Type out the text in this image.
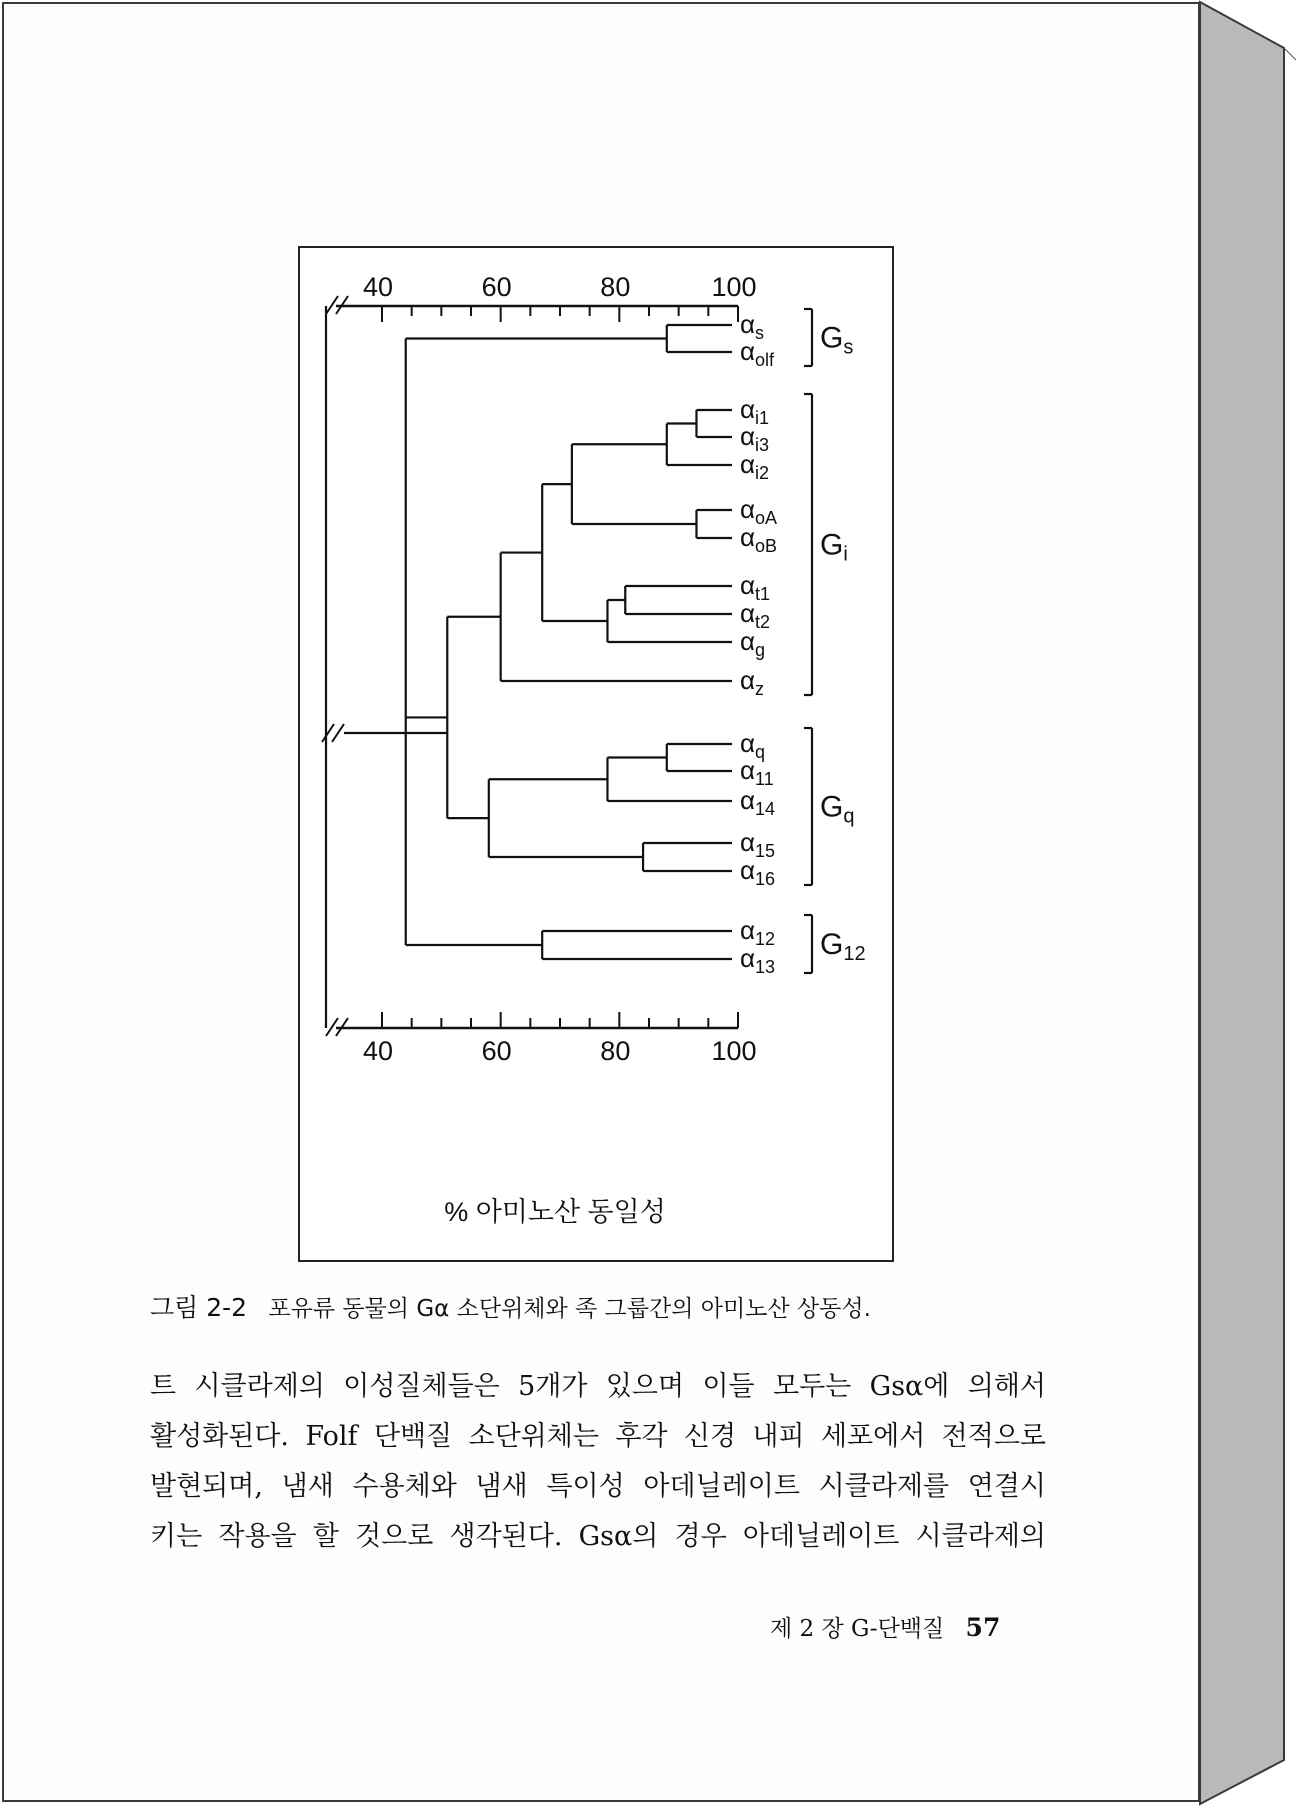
40	60	80	100
40	60	80	100
$\alpha_s$
$\alpha_{olf}$
$\alpha_{i1}$
$\alpha_{i3}$
$\alpha_{i2}$
$\alpha_{oA}$
$\alpha_{oB}$
$\alpha_{t1}$
$\alpha_{t2}$
$\alpha_g$
$\alpha_z$
$\alpha_q$
$\alpha_{11}$
$\alpha_{14}$
$\alpha_{15}$
$\alpha_{16}$
$\alpha_{12}$
$\alpha_{13}$
$G_s$
$G_i$
$G_q$
$G_{12}$
% 아미노산 동일성
그림 2-2 포유류 동물의 Gα 소단위체와 족 그룹간의 아미노산 상동성.
트 시클라제의 이성질체들은 5개가 있으며 이들 모두는 Gsα에 의해서
활성화된다. Folf 단백질 소단위체는 후각 신경 내피 세포에서 전적으로
발현되며, 냄새 수용체와 냄새 특이성 아데닐레이트 시클라제를 연결시
키는 작용을 할 것으로 생각된다. Gsα의 경우 아데닐레이트 시클라제의
제 2 장 G-단백질 57
